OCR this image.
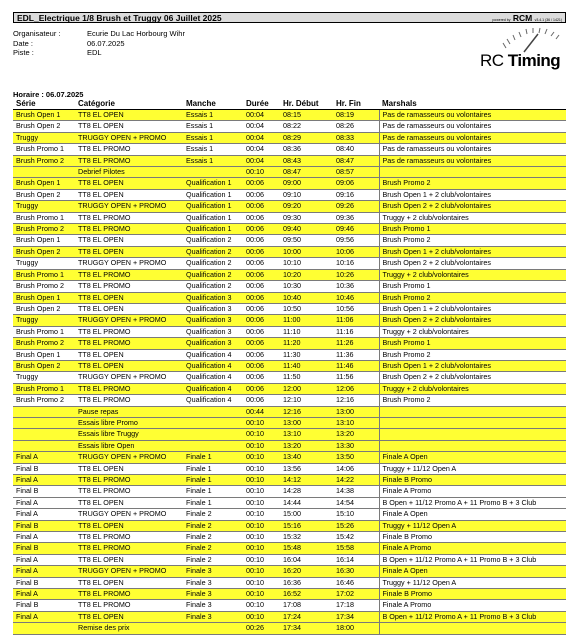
EDL_Electrique 1/8 Brush et Truggy 06 Juillet 2025	powered by RCM v3.4.1 (36 / 1421)
Organisateur :	Ecurie Du Lac Horbourg Wihr
Date :	06.07.2025
Piste :	EDL	RC Timing
Horaire : 06.07.2025
Série	Catégorie	Manche	Durée	Hr. Début	Hr. Fin	Marshals
Brush Open 1	TT8 EL OPEN	Essais 1	00:04	08:15	08:19	Pas de ramasseurs ou volontaires
Brush Open 2	TT8 EL OPEN	Essais 1	00:04	08:22	08:26	Pas de ramasseurs ou volontaires
Truggy	TRUGGY OPEN + PROMO	Essais 1	00:04	08:29	08:33	Pas de ramasseurs ou volontaires
Brush Promo 1	TT8 EL PROMO	Essais 1	00:04	08:36	08:40	Pas de ramasseurs ou volontaires
Brush Promo 2	TT8 EL PROMO	Essais 1	00:04	08:43	08:47	Pas de ramasseurs ou volontaires
	Debrief Pilotes		00:10	08:47	08:57	
Brush Open 1	TT8 EL OPEN	Qualification 1	00:06	09:00	09:06	Brush Promo 2
Brush Open 2	TT8 EL OPEN	Qualification 1	00:06	09:10	09:16	Brush Open 1 + 2 club/volontaires
Truggy	TRUGGY OPEN + PROMO	Qualification 1	00:06	09:20	09:26	Brush Open 2 + 2 club/volontaires
Brush Promo 1	TT8 EL PROMO	Qualification 1	00:06	09:30	09:36	Truggy + 2 club/volontaires
Brush Promo 2	TT8 EL PROMO	Qualification 1	00:06	09:40	09:46	Brush Promo 1
Brush Open 1	TT8 EL OPEN	Qualification 2	00:06	09:50	09:56	Brush Promo 2
Brush Open 2	TT8 EL OPEN	Qualification 2	00:06	10:00	10:06	Brush Open 1 + 2 club/volontaires
Truggy	TRUGGY OPEN + PROMO	Qualification 2	00:06	10:10	10:16	Brush Open 2 + 2 club/volontaires
Brush Promo 1	TT8 EL PROMO	Qualification 2	00:06	10:20	10:26	Truggy + 2 club/volontaires
Brush Promo 2	TT8 EL PROMO	Qualification 2	00:06	10:30	10:36	Brush Promo 1
Brush Open 1	TT8 EL OPEN	Qualification 3	00:06	10:40	10:46	Brush Promo 2
Brush Open 2	TT8 EL OPEN	Qualification 3	00:06	10:50	10:56	Brush Open 1 + 2 club/volontaires
Truggy	TRUGGY OPEN + PROMO	Qualification 3	00:06	11:00	11:06	Brush Open 2 + 2 club/volontaires
Brush Promo 1	TT8 EL PROMO	Qualification 3	00:06	11:10	11:16	Truggy + 2 club/volontaires
Brush Promo 2	TT8 EL PROMO	Qualification 3	00:06	11:20	11:26	Brush Promo 1
Brush Open 1	TT8 EL OPEN	Qualification 4	00:06	11:30	11:36	Brush Promo 2
Brush Open 2	TT8 EL OPEN	Qualification 4	00:06	11:40	11:46	Brush Open 1 + 2 club/volontaires
Truggy	TRUGGY OPEN + PROMO	Qualification 4	00:06	11:50	11:56	Brush Open 2 + 2 club/volontaires
Brush Promo 1	TT8 EL PROMO	Qualification 4	00:06	12:00	12:06	Truggy + 2 club/volontaires
Brush Promo 2	TT8 EL PROMO	Qualification 4	00:06	12:10	12:16	Brush Promo 2
	Pause repas		00:44	12:16	13:00	
	Essais libre Promo		00:10	13:00	13:10	
	Essais libre Truggy		00:10	13:10	13:20	
	Essais libre Open		00:10	13:20	13:30	
Final A	TRUGGY OPEN + PROMO	Finale 1	00:10	13:40	13:50	Finale A Open
Final B	TT8 EL OPEN	Finale 1	00:10	13:56	14:06	Truggy + 11/12 Open A
Final A	TT8 EL PROMO	Finale 1	00:10	14:12	14:22	Finale B Promo
Final B	TT8 EL PROMO	Finale 1	00:10	14:28	14:38	Finale A Promo
Final A	TT8 EL OPEN	Finale 1	00:10	14:44	14:54	B Open + 11/12 Promo A + 11 Promo B + 3 Club
Final A	TRUGGY OPEN + PROMO	Finale 2	00:10	15:00	15:10	Finale A Open
Final B	TT8 EL OPEN	Finale 2	00:10	15:16	15:26	Truggy + 11/12 Open A
Final A	TT8 EL PROMO	Finale 2	00:10	15:32	15:42	Finale B Promo
Final B	TT8 EL PROMO	Finale 2	00:10	15:48	15:58	Finale A Promo
Final A	TT8 EL OPEN	Finale 2	00:10	16:04	16:14	B Open + 11/12 Promo A + 11 Promo B + 3 Club
Final A	TRUGGY OPEN + PROMO	Finale 3	00:10	16:20	16:30	Finale A Open
Final B	TT8 EL OPEN	Finale 3	00:10	16:36	16:46	Truggy + 11/12 Open A
Final A	TT8 EL PROMO	Finale 3	00:10	16:52	17:02	Finale B Promo
Final B	TT8 EL PROMO	Finale 3	00:10	17:08	17:18	Finale A Promo
Final A	TT8 EL OPEN	Finale 3	00:10	17:24	17:34	B Open + 11/12 Promo A + 11 Promo B + 3 Club
	Remise des prix		00:26	17:34	18:00	
